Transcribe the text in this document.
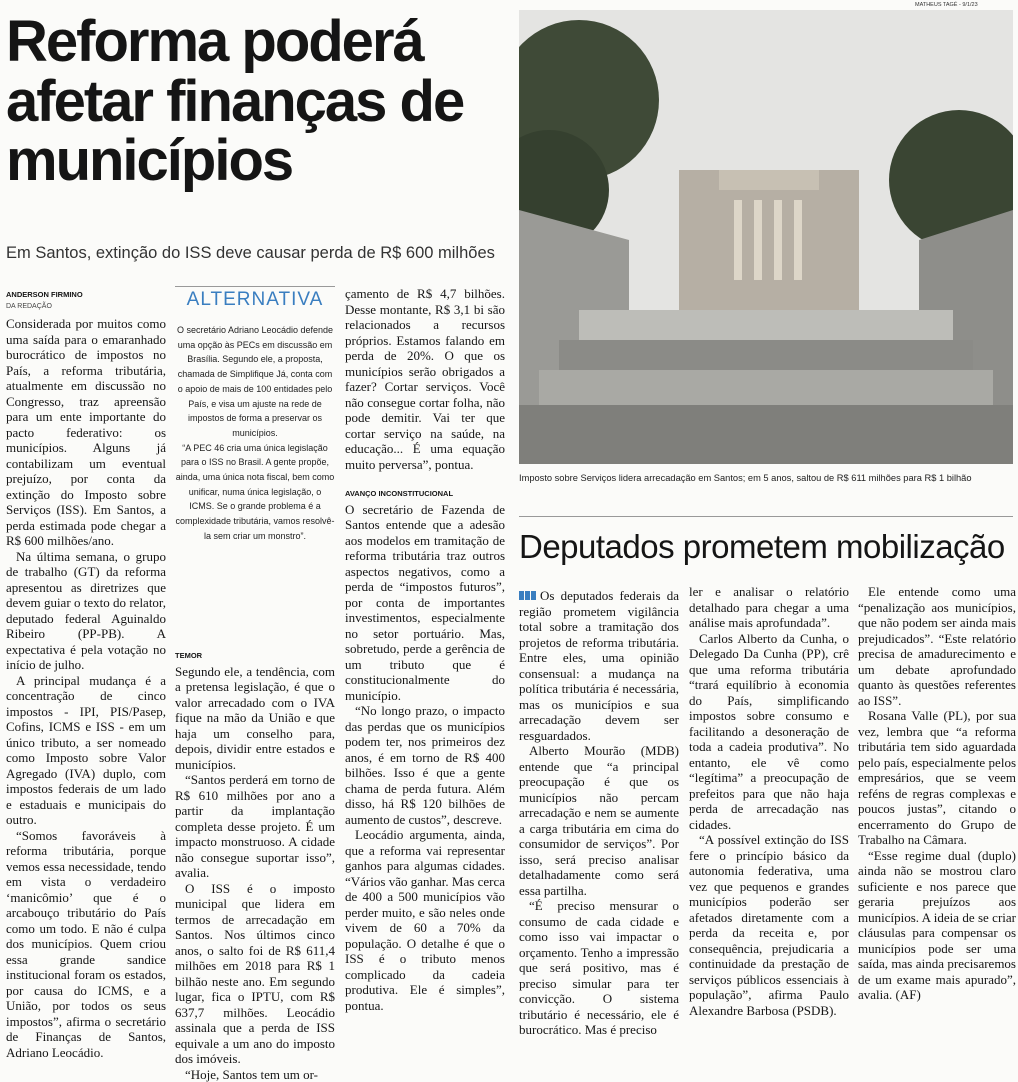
MATHEUS TAGÉ - 9/1/23
Reforma poderá afetar finanças de municípios
Em Santos, extinção do ISS deve causar perda de R$ 600 milhões
ANDERSON FIRMINO
DA REDAÇÃO

Considerada por muitos como uma saída para o emaranhado burocrático de impostos no País, a reforma tributária, atualmente em discussão no Congresso, traz apreensão para um ente importante do pacto federativo: os municípios. Alguns já contabilizam um eventual prejuízo, por conta da extinção do Imposto sobre Serviços (ISS). Em Santos, a perda estimada pode chegar a R$ 600 milhões/ano.

Na última semana, o grupo de trabalho (GT) da reforma apresentou as diretrizes que devem guiar o texto do relator, deputado federal Aguinaldo Ribeiro (PP-PB). A expectativa é pela votação no início de julho.

A principal mudança é a concentração de cinco impostos - IPI, PIS/Pasep, Cofins, ICMS e ISS - em um único tributo, a ser nomeado como Imposto sobre Valor Agregado (IVA) duplo, com impostos federais de um lado e estaduais e municipais do outro.

“Somos favoráveis à reforma tributária, porque vemos essa necessidade, tendo em vista o verdadeiro ‘manicômio’ que é o arcabouço tributário do País como um todo. E não é culpa dos municípios. Quem criou essa grande sandice institucional foram os estados, por causa do ICMS, e a União, por todos os seus impostos”, afirma o secretário de Finanças de Santos, Adriano Leocádio.

ALTERNATIVA

O secretário Adriano Leocádio defende uma opção às PECs em discussão em Brasília. Segundo ele, a proposta, chamada de Simplifique Já, conta com o apoio de mais de 100 entidades pelo País, e visa um ajuste na rede de impostos de forma a preservar os municípios.

“A PEC 46 cria uma única legislação para o ISS no Brasil. A gente propõe, ainda, uma única nota fiscal, bem como unificar, numa única legislação, o ICMS. Se o grande problema é a complexidade tributária, vamos resolvê-la sem criar um monstro”.

TEMOR

Segundo ele, a tendência, com a pretensa legislação, é que o valor arrecadado com o IVA fique na mão da União e que haja um conselho para, depois, dividir entre estados e municípios.

“Santos perderá em torno de R$ 610 milhões por ano a partir da implantação completa desse projeto. É um impacto monstruoso. A cidade não consegue suportar isso”, avalia.

O ISS é o imposto municipal que lidera em termos de arrecadação em Santos. Nos últimos cinco anos, o salto foi de R$ 611,4 milhões em 2018 para R$ 1 bilhão neste ano. Em segundo lugar, fica o IPTU, com R$ 637,7 milhões. Leocádio assinala que a perda de ISS equivale a um ano do imposto dos imóveis.

“Hoje, Santos tem um or-

çamento de R$ 4,7 bilhões. Desse montante, R$ 3,1 bi são relacionados a recursos próprios. Estamos falando em perda de 20%. O que os municípios serão obrigados a fazer? Cortar serviços. Você não consegue cortar folha, não pode demitir. Vai ter que cortar serviço na saúde, na educação... É uma equação muito perversa”, pontua.

AVANÇO INCONSTITUCIONAL

O secretário de Fazenda de Santos entende que a adesão aos modelos em tramitação de reforma tributária traz outros aspectos negativos, como a perda de “impostos futuros”, por conta de importantes investimentos, especialmente no setor portuário. Mas, sobretudo, perde a gerência de um tributo que é constitucionalmente do município.

“No longo prazo, o impacto das perdas que os municípios podem ter, nos primeiros dez anos, é em torno de R$ 400 bilhões. Isso é que a gente chama de perda futura. Além disso, há R$ 120 bilhões de aumento de custos”, descreve.

Leocádio argumenta, ainda, que a reforma vai representar ganhos para algumas cidades. “Vários vão ganhar. Mas cerca de 400 a 500 municípios vão perder muito, e são neles onde vivem de 60 a 70% da população. O detalhe é que o ISS é o tributo menos complicado da cadeia produtiva. Ele é simples”, pontua.

Imposto sobre Serviços lidera arrecadação em Santos; em 5 anos, saltou de R$ 611 milhões para R$ 1 bilhão
Deputados prometem mobilização

Os deputados federais da região prometem vigilância total sobre a tramitação dos projetos de reforma tributária. Entre eles, uma opinião consensual: a mudança na política tributária é necessária, mas os municípios e sua arrecadação devem ser resguardados.

Alberto Mourão (MDB) entende que “a principal preocupação é que os municípios não percam arrecadação e nem se aumente a carga tributária em cima do consumidor de serviços”. Por isso, será preciso analisar detalhadamente como será essa partilha.

“É preciso mensurar o consumo de cada cidade e como isso vai impactar o orçamento. Tenho a impressão que será positivo, mas é preciso simular para ter convicção. O sistema tributário é necessário, ele é burocrático. Mas é preciso

ler e analisar o relatório detalhado para chegar a uma análise mais aprofundada”.

Carlos Alberto da Cunha, o Delegado Da Cunha (PP), crê que uma reforma tributária “trará equilíbrio à economia do País, simplificando impostos sobre consumo e facilitando a desoneração de toda a cadeia produtiva”. No entanto, ele vê como “legítima” a preocupação de prefeitos para que não haja perda de arrecadação nas cidades.

“A possível extinção do ISS fere o princípio básico da autonomia federativa, uma vez que pequenos e grandes municípios poderão ser afetados diretamente com a perda da receita e, por consequência, prejudicaria a continuidade da prestação de serviços públicos essenciais à população”, afirma Paulo Alexandre Barbosa (PSDB).

Ele entende como uma “penalização aos municípios, que não podem ser ainda mais prejudicados”. “Este relatório precisa de amadurecimento e um debate aprofundado quanto às questões referentes ao ISS”.

Rosana Valle (PL), por sua vez, lembra que “a reforma tributária tem sido aguardada pelo país, especialmente pelos empresários, que se veem reféns de regras complexas e poucos justas”, citando o encerramento do Grupo de Trabalho na Câmara.

“Esse regime dual (duplo) ainda não se mostrou claro suficiente e nos parece que geraria prejuízos aos municípios. A ideia de se criar cláusulas para compensar os municípios pode ser uma saída, mas ainda precisaremos de um exame mais apurado”, avalia. (AF)
